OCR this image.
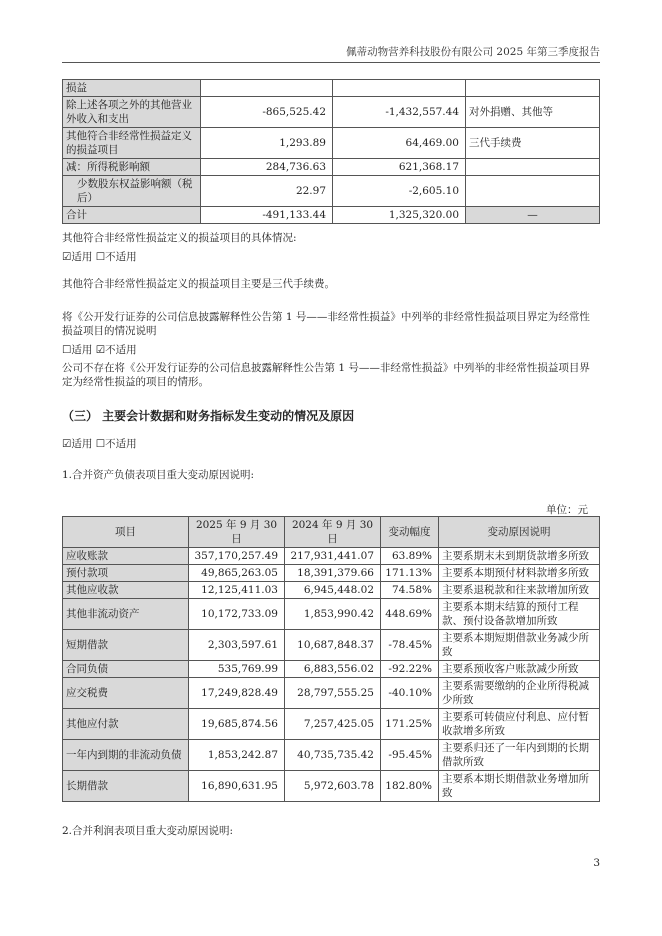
佩蒂动物营养科技股份有限公司 2025 年第三季度报告
损益			
除上述各项之外的其他营业外收入和支出	-865,525.42	-1,432,557.44	对外捐赠、其他等
其他符合非经常性损益定义的损益项目	1,293.89	64,469.00	三代手续费
减：所得税影响额	284,736.63	621,368.17	
少数股东权益影响额（税后）	22.97	-2,605.10	
合计	-491,133.44	1,325,320.00	—
其他符合非经常性损益定义的损益项目的具体情况:
☑适用 ☐不适用
其他符合非经常性损益定义的损益项目主要是三代手续费。
将《公开发行证券的公司信息披露解释性公告第 1 号——非经常性损益》中列举的非经常性损益项目界定为经常性损益项目的情况说明
☐适用 ☑不适用
公司不存在将《公开发行证券的公司信息披露解释性公告第 1 号——非经常性损益》中列举的非经常性损益项目界定为经常性损益的项目的情形。
（三） 主要会计数据和财务指标发生变动的情况及原因
☑适用 ☐不适用
1.合并资产负债表项目重大变动原因说明:
单位：元
项目	2025 年 9 月 30 日	2024 年 9 月 30 日	变动幅度	变动原因说明
应收账款	357,170,257.49	217,931,441.07	63.89%	主要系期末未到期货款增多所致
预付款项	49,865,263.05	18,391,379.66	171.13%	主要系本期预付材料款增多所致
其他应收款	12,125,411.03	6,945,448.02	74.58%	主要系退税款和往来款增加所致
其他非流动资产	10,172,733.09	1,853,990.42	448.69%	主要系本期末结算的预付工程款、预付设备款增加所致
短期借款	2,303,597.61	10,687,848.37	-78.45%	主要系本期短期借款业务减少所致
合同负债	535,769.99	6,883,556.02	-92.22%	主要系预收客户账款减少所致
应交税费	17,249,828.49	28,797,555.25	-40.10%	主要系需要缴纳的企业所得税减少所致
其他应付款	19,685,874.56	7,257,425.05	171.25%	主要系可转债应付利息、应付暂收款增多所致
一年内到期的非流动负债	1,853,242.87	40,735,735.42	-95.45%	主要系归还了一年内到期的长期借款所致
长期借款	16,890,631.95	5,972,603.78	182.80%	主要系本期长期借款业务增加所致
2.合并利润表项目重大变动原因说明:
3
